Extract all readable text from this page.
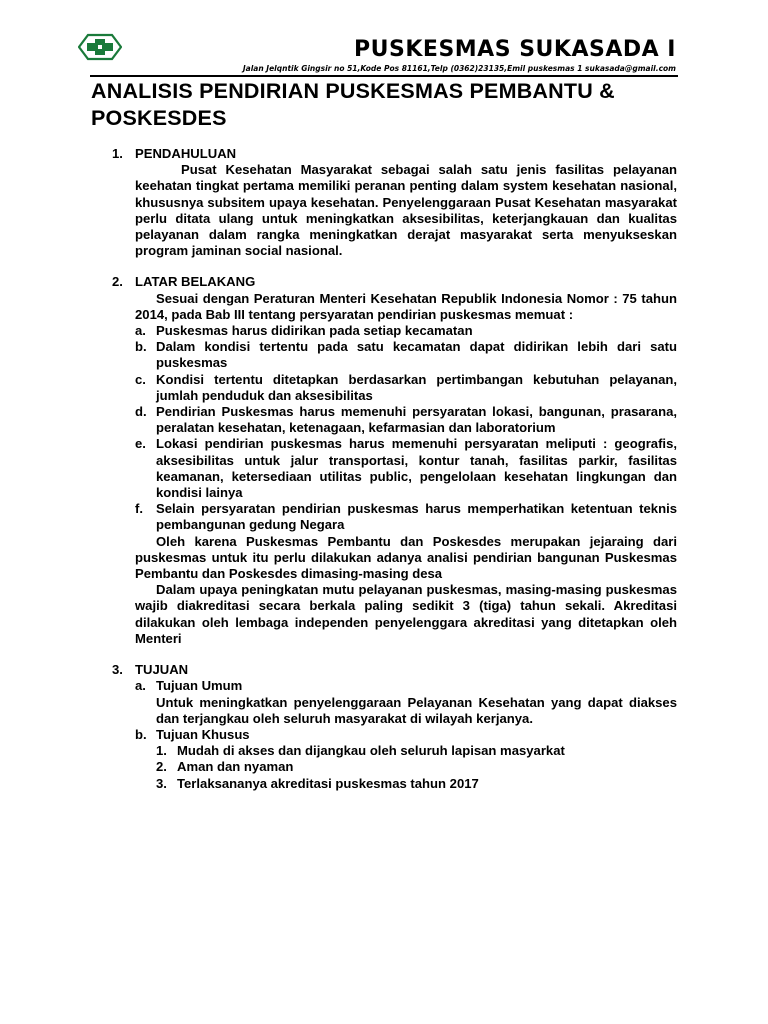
PUSKESMAS SUKASADA I
Jalan Jelqntik Gingsir no 51,Kode Pos 81161,Telp (0362)23135,Emil puskesmas 1 sukasada@gmail.com
ANALISIS PENDIRIAN PUSKESMAS PEMBANTU & POSKESDES
1. PENDAHULUAN
Pusat Kesehatan Masyarakat sebagai salah satu jenis fasilitas pelayanan keehatan tingkat pertama memiliki peranan penting dalam system kesehatan nasional, khususnya subsitem upaya kesehatan. Penyelenggaraan Pusat Kesehatan masyarakat perlu ditata ulang untuk meningkatkan aksesibilitas, keterjangkauan dan kualitas pelayanan dalam rangka meningkatkan derajat masyarakat serta menyukseskan program jaminan social nasional.
2. LATAR BELAKANG
Sesuai dengan Peraturan Menteri Kesehatan Republik Indonesia Nomor : 75 tahun 2014, pada Bab III tentang persyaratan pendirian puskesmas memuat :
a. Puskesmas harus didirikan pada setiap kecamatan
b. Dalam kondisi tertentu pada satu kecamatan dapat didirikan lebih dari satu puskesmas
c. Kondisi tertentu ditetapkan berdasarkan pertimbangan kebutuhan pelayanan, jumlah penduduk dan aksesibilitas
d. Pendirian Puskesmas harus memenuhi persyaratan lokasi, bangunan, prasarana, peralatan kesehatan, ketenagaan, kefarmasian dan laboratorium
e. Lokasi pendirian puskesmas harus memenuhi persyaratan meliputi : geografis, aksesibilitas untuk jalur transportasi, kontur tanah, fasilitas parkir, fasilitas keamanan, ketersediaan utilitas public, pengelolaan kesehatan lingkungan dan kondisi lainya
f. Selain persyaratan pendirian puskesmas harus memperhatikan ketentuan teknis pembangunan gedung Negara
Oleh karena Puskesmas Pembantu dan Poskesdes merupakan jejaraing dari puskesmas untuk itu perlu dilakukan adanya analisi pendirian bangunan Puskesmas Pembantu dan Poskesdes dimasing-masing desa
Dalam upaya peningkatan mutu pelayanan puskesmas, masing-masing puskesmas wajib diakreditasi secara berkala paling sedikit 3 (tiga) tahun sekali. Akreditasi dilakukan oleh lembaga independen penyelenggara akreditasi yang ditetapkan oleh Menteri
3. TUJUAN
a. Tujuan Umum
Untuk meningkatkan penyelenggaraan Pelayanan Kesehatan yang dapat diakses dan terjangkau oleh seluruh masyarakat di wilayah kerjanya.
b. Tujuan Khusus
1. Mudah di akses dan dijangkau oleh seluruh lapisan masyarkat
2. Aman dan nyaman
3. Terlaksananya akreditasi puskesmas tahun 2017
